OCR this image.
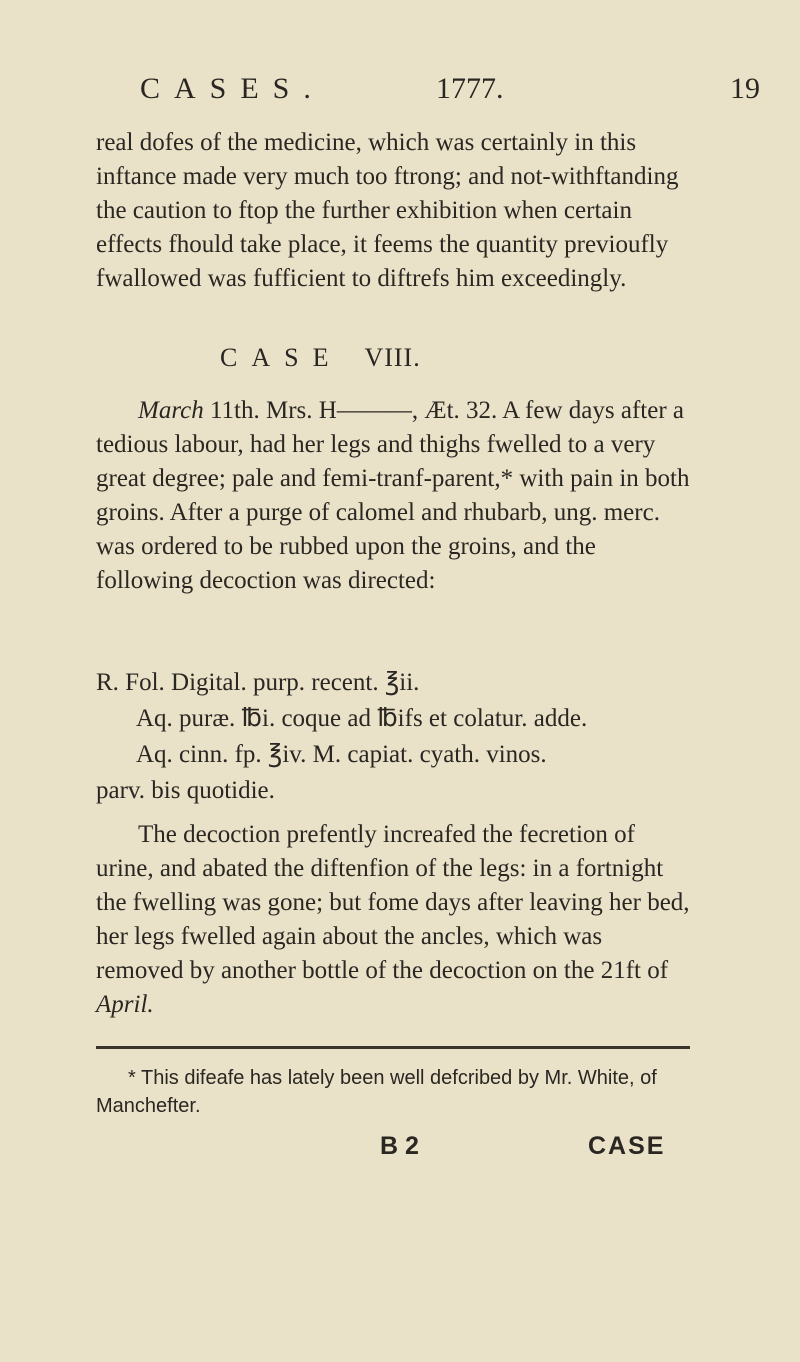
CASES.	1777.	19

real dofes of the medicine, which was certainly in this inftance made very much too ftrong; and not-withftanding the caution to ftop the further exhibition when certain effects fhould take place, it feems the quantity previoufly fwallowed was fufficient to diftrefs him exceedingly.

CASE VIII.

March 11th. Mrs. H———, Æt. 32. A few days after a tedious labour, had her legs and thighs fwelled to a very great degree; pale and femi-tranf-parent,* with pain in both groins. After a purge of calomel and rhubarb, ung. merc. was ordered to be rubbed upon the groins, and the following decoction was directed:

R. Fol. Digital. purp. recent. ℥ii.
Aq. puræ. ℔i. coque ad ℔ifs et colatur. adde.
Aq. cinn. fp. ℥iv. M. capiat. cyath. vinos.
parv. bis quotidie.

The decoction prefently increafed the fecretion of urine, and abated the diftenfion of the legs: in a fortnight the fwelling was gone; but fome days after leaving her bed, her legs fwelled again about the ancles, which was removed by another bottle of the decoction on the 21ft of April.

* This difeafe has lately been well defcribed by Mr. White, of Manchefter.

B 2	CASE
